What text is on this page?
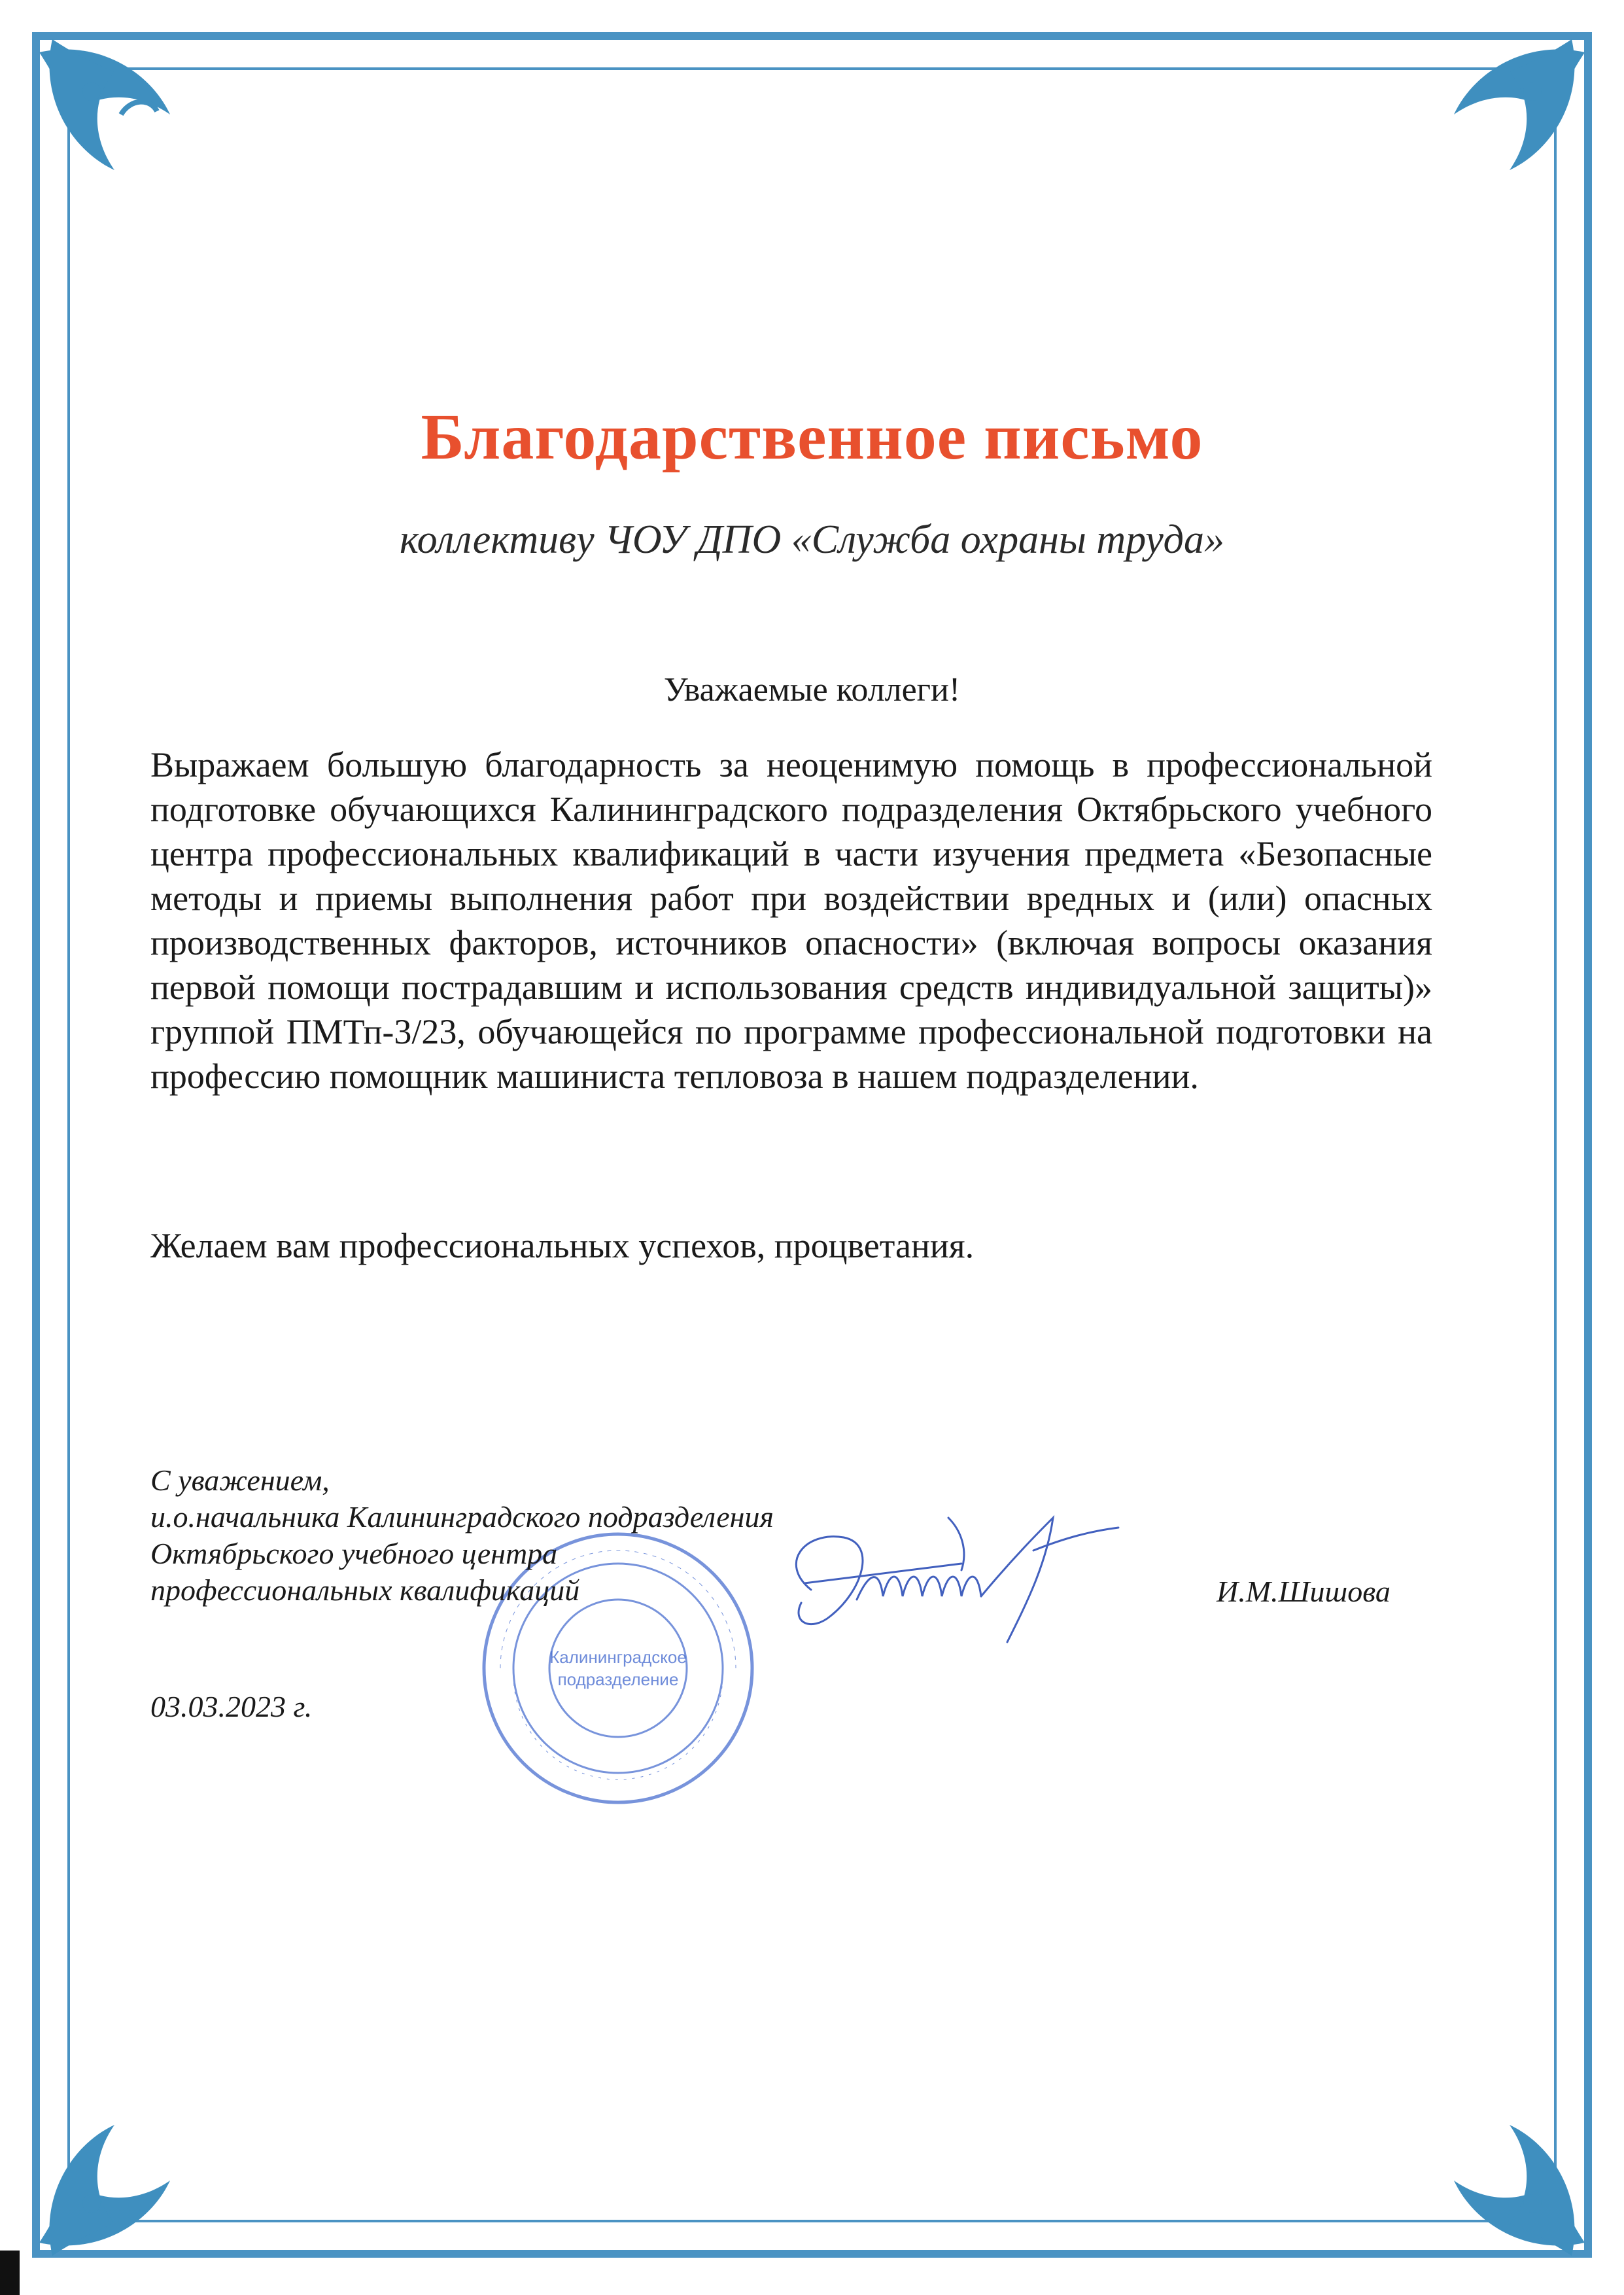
Благодарственное письмо
коллективу ЧОУ ДПО «Служба охраны труда»
Уважаемые коллеги!
Выражаем большую благодарность за неоценимую помощь в профессиональной подготовке обучающихся Калининградского подразделения Октябрьского учебного центра профессиональных квалификаций в части изучения предмета «Безопасные методы и приемы выполнения работ при воздействии вредных и (или) опасных производственных факторов, источников опасности» (включая вопросы оказания первой помощи пострадавшим и использования средств индивидуальной защиты)» группой ПМТп-3/23, обучающейся по программе профессиональной подготовки на профессию помощник машиниста тепловоза в нашем подразделении.
Желаем вам профессиональных успехов, процветания.
Калининградское
подразделение
С уважением,
и.о.начальника Калининградского подразделения
Октябрьского учебного центра
профессиональных квалификаций	И.М.Шишова
03.03.2023 г.
